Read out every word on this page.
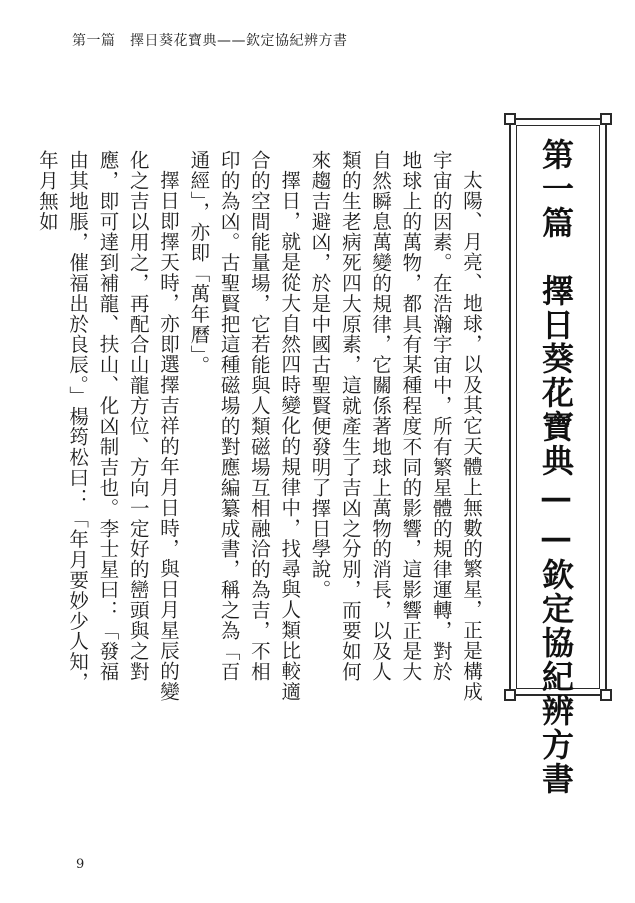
第一篇　擇日葵花寶典——欽定協紀辨方書
第一篇　擇日葵花寶典——欽定協紀辨方書

太陽、月亮、地球，以及其它天體上無數的繁星，正是構成宇宙的因素。在浩瀚宇宙中，所有繁星體的規律運轉，對於地球上的萬物，都具有某種程度不同的影響，這影響正是大自然瞬息萬變的規律，它關係著地球上萬物的消長，以及人類的生老病死四大原素，這就產生了吉凶之分別，而要如何來趨吉避凶，於是中國古聖賢便發明了擇日學說。

擇日，就是從大自然四時變化的規律中，找尋與人類比較適合的空間能量場，它若能與人類磁場互相融洽的為吉，不相印的為凶。古聖賢把這種磁場的對應編纂成書，稱之為「百通經」，亦即「萬年曆」。

擇日即擇天時，亦即選擇吉祥的年月日時，與日月星辰的變化之吉以用之，再配合山龍方位、方向一定好的巒頭與之對應，即可達到補龍、扶山、化凶制吉也。李士星曰：「發福由其地脹，催福出於良辰。」楊筠松曰：「年月要妙少人知，年月無如

9
